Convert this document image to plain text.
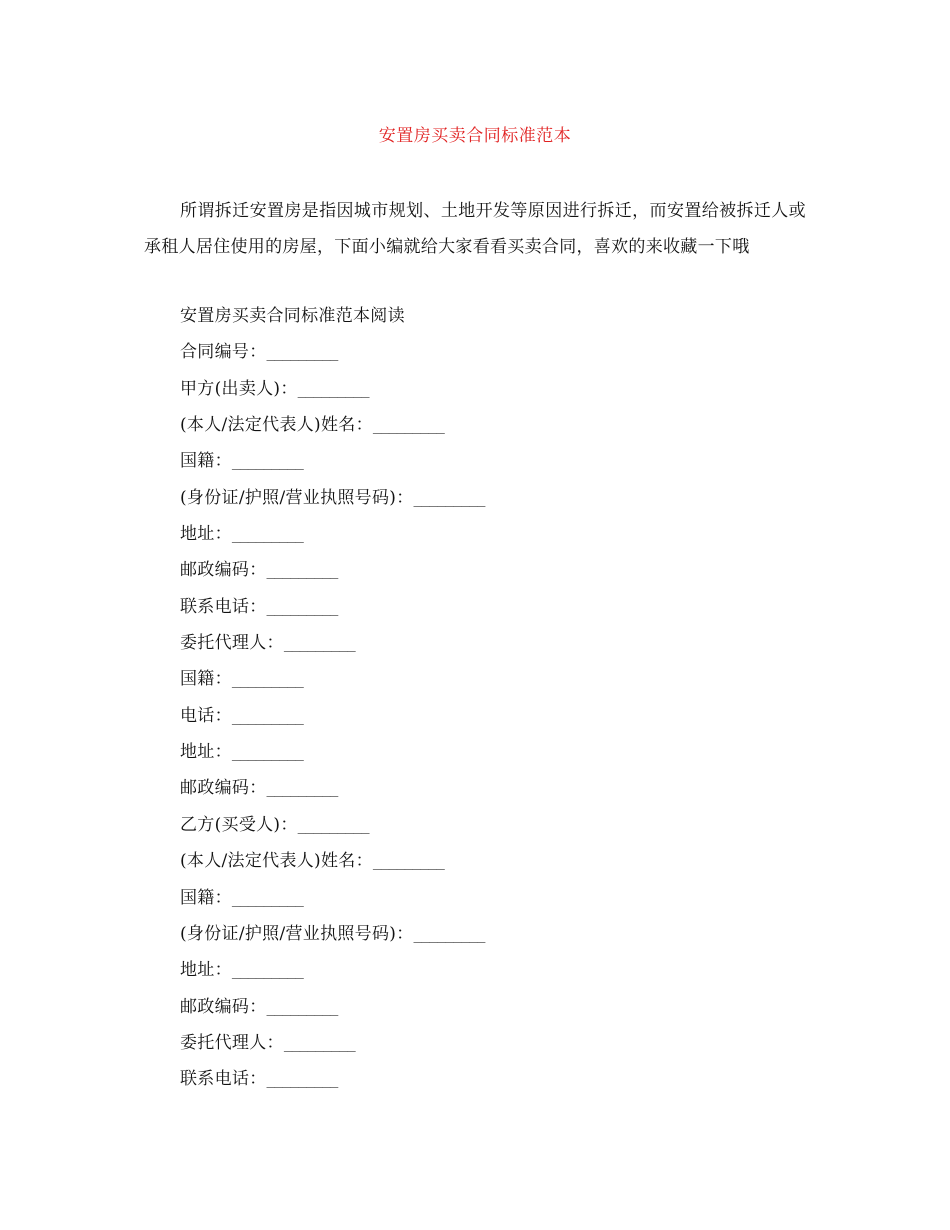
安置房买卖合同标准范本

所谓拆迁安置房是指因城市规划、土地开发等原因进行拆迁，而安置给被拆迁人或承租人居住使用的房屋，下面小编就给大家看看买卖合同，喜欢的来收藏一下哦

安置房买卖合同标准范本阅读
合同编号：_________
甲方(出卖人)：_________
(本人/法定代表人)姓名：_________
国籍：_________
(身份证/护照/营业执照号码)：_________
地址：_________
邮政编码：_________
联系电话：_________
委托代理人：_________
国籍：_________
电话：_________
地址：_________
邮政编码：_________
乙方(买受人)：_________
(本人/法定代表人)姓名：_________
国籍：_________
(身份证/护照/营业执照号码)：_________
地址：_________
邮政编码：_________
委托代理人：_________
联系电话：_________
